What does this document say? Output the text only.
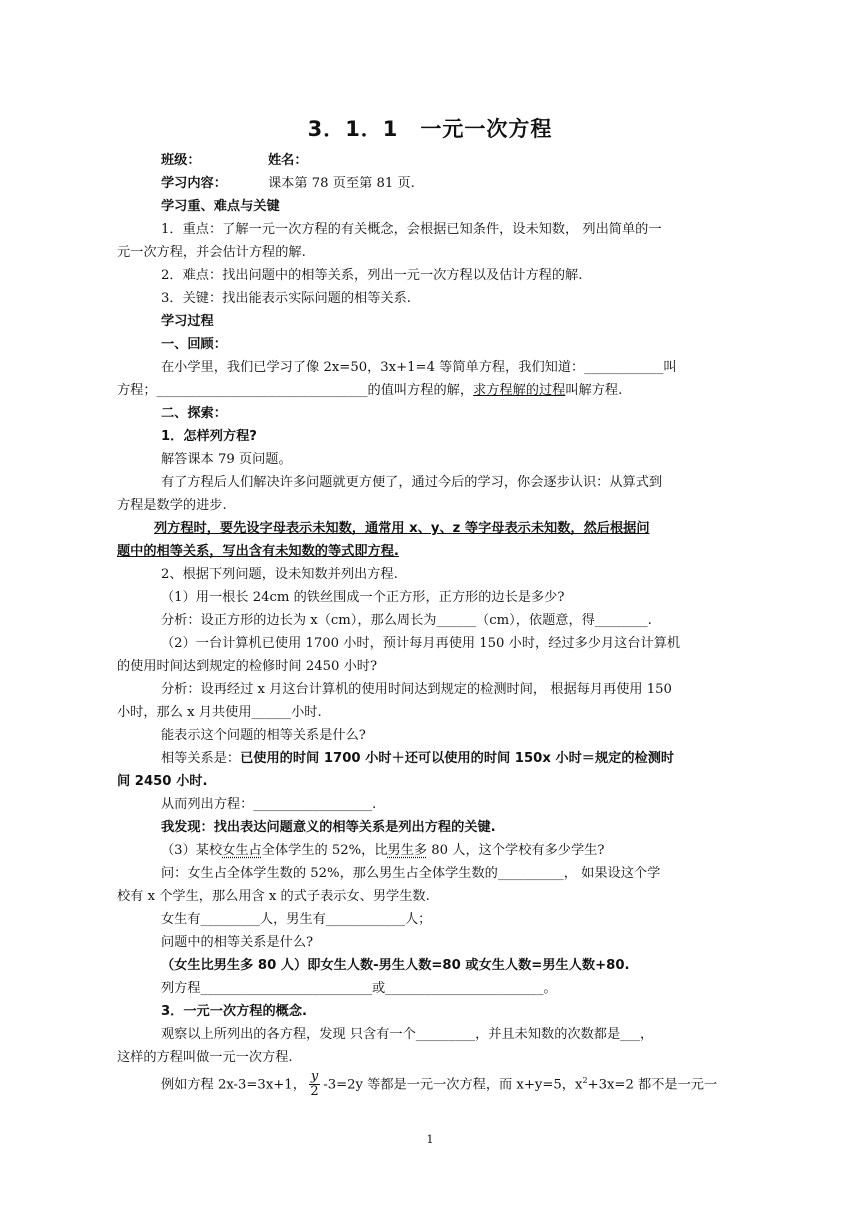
3．1．1　一元一次方程
班级：	姓名：
学习内容：	课本第 78 页至第 81 页.
学习重、难点与关键
1．重点：了解一元一次方程的有关概念，会根据已知条件，设未知数， 列出简单的一
元一次方程，并会估计方程的解.
2．难点：找出问题中的相等关系，列出一元一次方程以及估计方程的解.
3．关键：找出能表示实际问题的相等关系.
学习过程
一、回顾：
在小学里，我们已学习了像 2x=50，3x+1=4 等简单方程，我们知道：____________叫
方程；________________________________的值叫方程的解，求方程解的过程叫解方程.
二、探索：
1．怎样列方程?
解答课本 79 页问题。
有了方程后人们解决许多问题就更方便了，通过今后的学习，你会逐步认识：从算式到
方程是数学的进步.
列方程时，要先设字母表示未知数，通常用 x、y、z 等字母表示未知数，然后根据问
题中的相等关系，写出含有未知数的等式即方程.
2、根据下列问题，设未知数并列出方程.
（1）用一根长 24cm 的铁丝围成一个正方形，正方形的边长是多少?
分析：设正方形的边长为 x（cm），那么周长为______（cm），依题意，得________.
（2）一台计算机已使用 1700 小时，预计每月再使用 150 小时，经过多少月这台计算机
的使用时间达到规定的检修时间 2450 小时?
分析：设再经过 x 月这台计算机的使用时间达到规定的检测时间， 根据每月再使用 150
小时，那么 x 月共使用______小时.
能表示这个问题的相等关系是什么?
相等关系是：已使用的时间 1700 小时＋还可以使用的时间 150x 小时＝规定的检测时
间 2450 小时.
从而列出方程：__________________.
我发现：找出表达问题意义的相等关系是列出方程的关键.
（3）某校女生占全体学生的 52%，比男生多 80 人，这个学校有多少学生?
问：女生占全体学生数的 52%，那么男生占全体学生数的__________， 如果设这个学
校有 x 个学生，那么用含 x 的式子表示女、男学生数.
女生有_________人，男生有____________人；
问题中的相等关系是什么?
（女生比男生多 80 人）即女生人数-男生人数=80 或女生人数=男生人数+80.
列方程__________________________或________________________。
3．一元一次方程的概念.
观察以上所列出的各方程，发现 只含有一个_________，并且未知数的次数都是___，
这样的方程叫做一元一次方程.
例如方程 2x-3=3x+1， $\frac{y}{2} -3=2y$ 等都是一元一次方程，而 x+y=5，$x^2+3x=2$ 都不是一元一
1
